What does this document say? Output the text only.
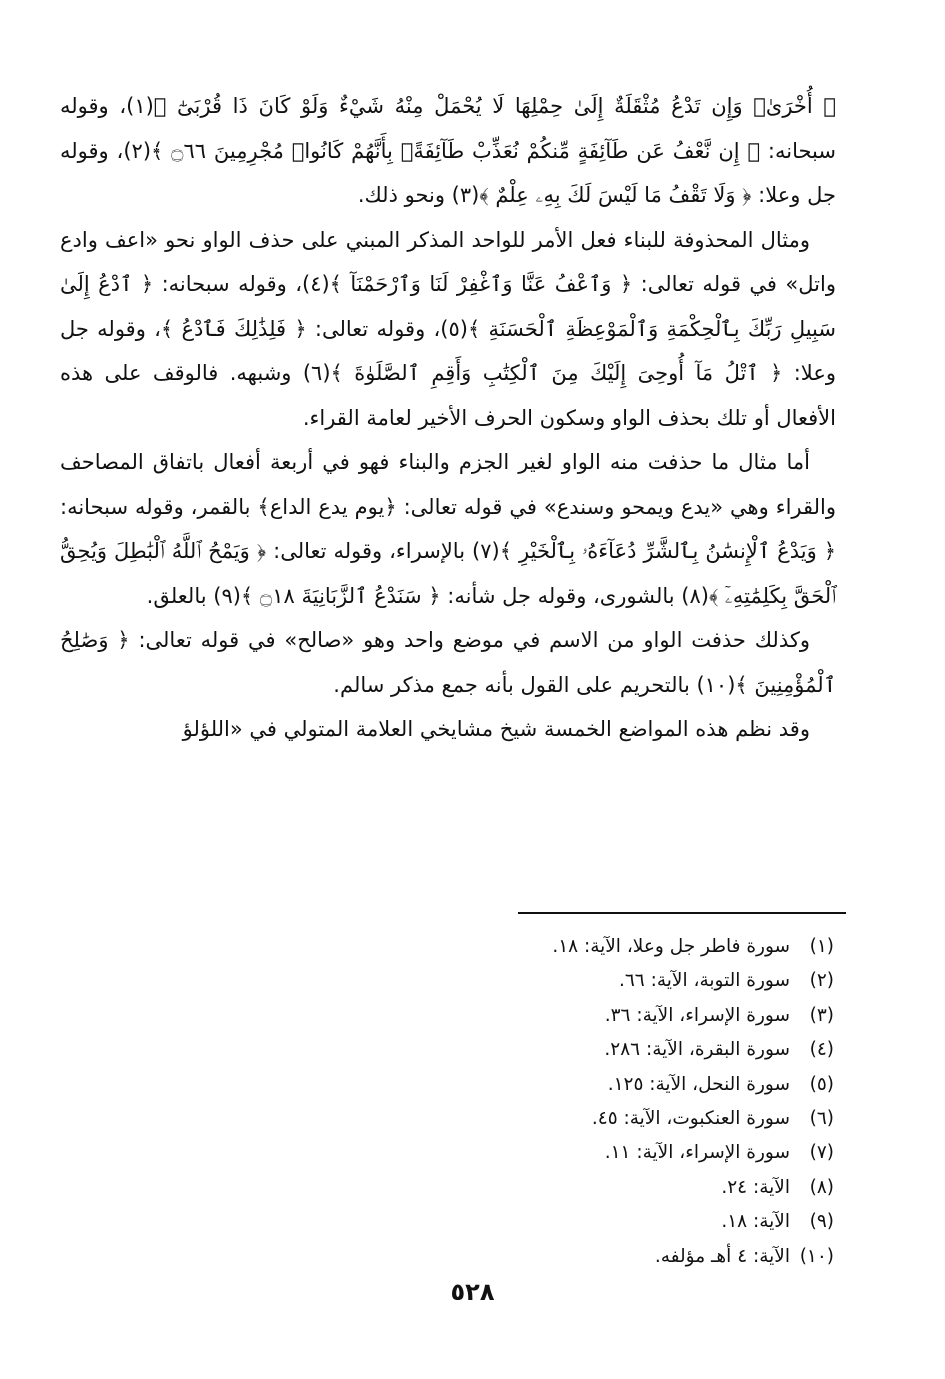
﴿ أُخْرَىٰۚ وَإِن تَدْعُ مُثْقَلَةٌ إِلَىٰ حِمْلِهَا لَا يُحْمَلْ مِنْهُ شَيْءٌ وَلَوْ كَانَ ذَا قُرْبَىٰٓ ﴾(١)، وقوله سبحانه: ﴿ إِن نَّعْفُ عَن طَآئِفَةٍ مِّنكُمْ نُعَذِّبْ طَآئِفَةًۢ بِأَنَّهُمْ كَانُوا۟ مُجْرِمِينَ ۝٦٦ ﴾(٢)، وقوله جل وعلا: ﴿ وَلَا تَقْفُ مَا لَيْسَ لَكَ بِهِۦ عِلْمٌ ﴾(٣) ونحو ذلك.

ومثال المحذوفة للبناء فعل الأمر للواحد المذكر المبني على حذف الواو نحو «اعف وادع واتل» في قوله تعالى: ﴿ وَٱعْفُ عَنَّا وَٱغْفِرْ لَنَا وَٱرْحَمْنَآ ﴾(٤)، وقوله سبحانه: ﴿ ٱدْعُ إِلَىٰ سَبِيلِ رَبِّكَ بِٱلْحِكْمَةِ وَٱلْمَوْعِظَةِ ٱلْحَسَنَةِ ﴾(٥)، وقوله تعالى: ﴿ فَلِذَٰلِكَ فَٱدْعُ ﴾، وقوله جل وعلا: ﴿ ٱتْلُ مَآ أُوحِىَ إِلَيْكَ مِنَ ٱلْكِتَٰبِ وَأَقِمِ ٱلصَّلَوٰةَ ﴾(٦) وشبهه. فالوقف على هذه الأفعال أو تلك بحذف الواو وسكون الحرف الأخير لعامة القراء.

أما مثال ما حذفت منه الواو لغير الجزم والبناء فهو في أربعة أفعال باتفاق المصاحف والقراء وهي «يدع ويمحو وسندع» في قوله تعالى: ﴿يوم يدع الداع﴾ بالقمر، وقوله سبحانه: ﴿ وَيَدْعُ ٱلْإِنسَٰنُ بِٱلشَّرِّ دُعَآءَهُۥ بِٱلْخَيْرِ ﴾(٧) بالإسراء، وقوله تعالى: ﴿ وَيَمْحُ ٱللَّهُ ٱلْبَٰطِلَ وَيُحِقُّ ٱلْحَقَّ بِكَلِمَٰتِهِۦٓ ﴾(٨) بالشورى، وقوله جل شأنه: ﴿ سَنَدْعُ ٱلزَّبَانِيَةَ ۝١٨ ﴾(٩) بالعلق.

وكذلك حذفت الواو من الاسم في موضع واحد وهو «صالح» في قوله تعالى: ﴿ وَصَٰلِحُ ٱلْمُؤْمِنِينَ ﴾(١٠) بالتحريم على القول بأنه جمع مذكر سالم.

وقد نظم هذه المواضع الخمسة شيخ مشايخي العلامة المتولي في «اللؤلؤ

(١)سورة فاطر جل وعلا، الآية: ١٨.
(٢)سورة التوبة، الآية: ٦٦.
(٣)سورة الإسراء، الآية: ٣٦.
(٤)سورة البقرة، الآية: ٢٨٦.
(٥)سورة النحل، الآية: ١٢٥.
(٦)سورة العنكبوت، الآية: ٤٥.
(٧)سورة الإسراء، الآية: ١١.
(٨)الآية: ٢٤.
(٩)الآية: ١٨.
(١٠)الآية: ٤ أهـ مؤلفه.
٥٢٨
